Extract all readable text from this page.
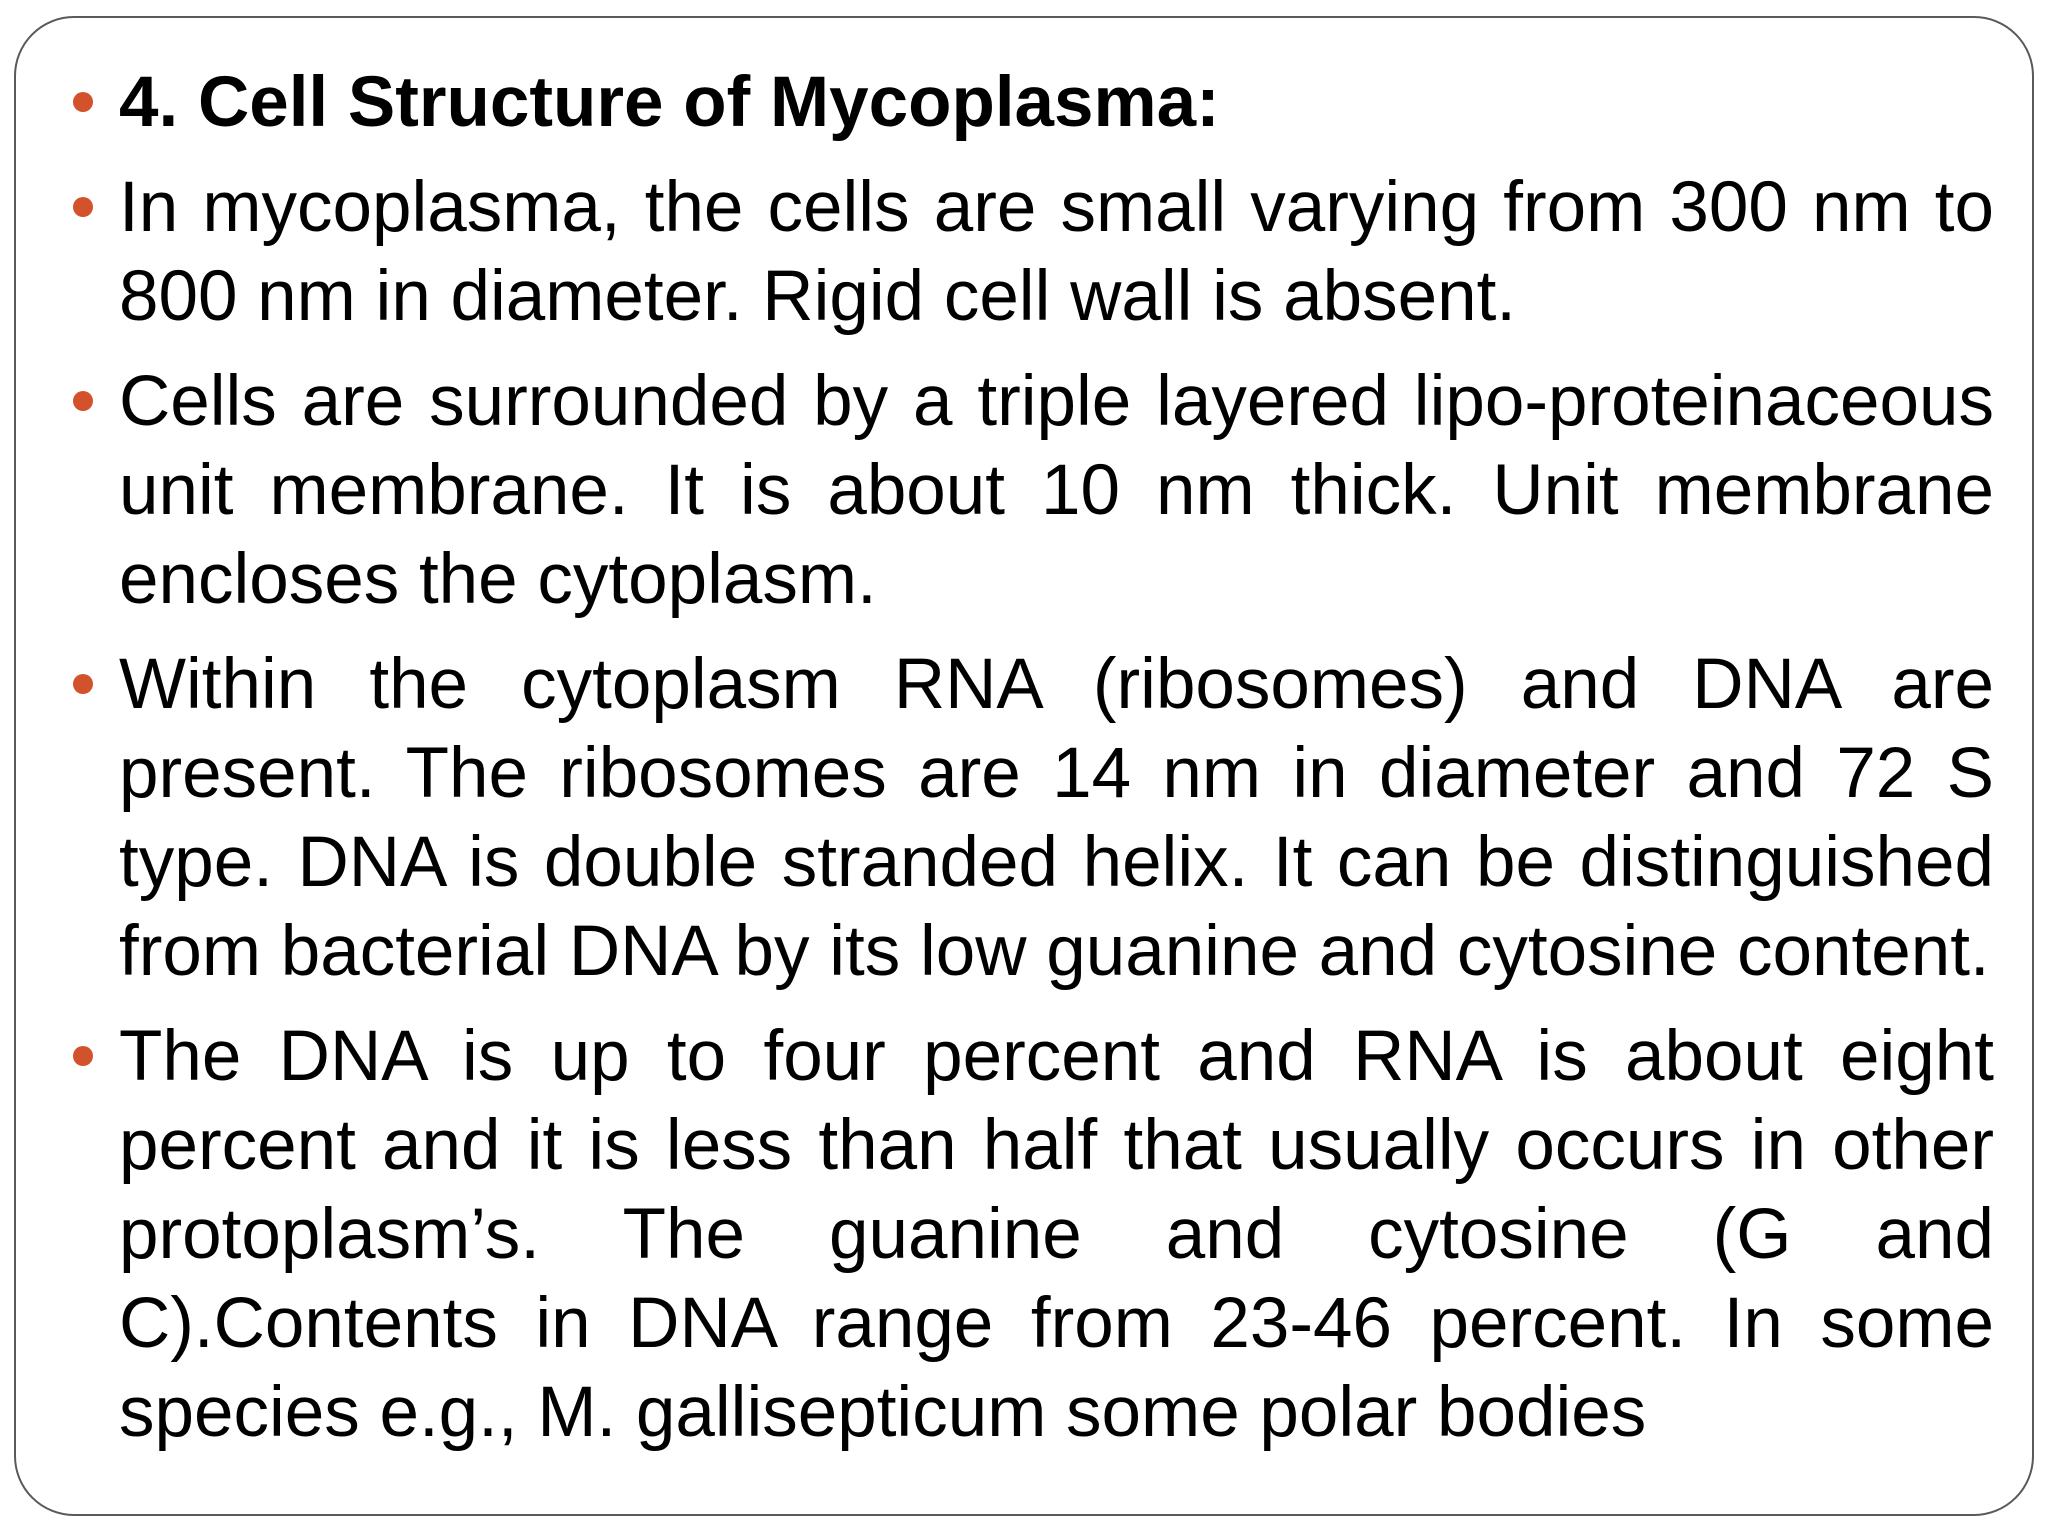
4. Cell Structure of Mycoplasma:
In mycoplasma, the cells are small varying from 300 nm to 800 nm in diameter. Rigid cell wall is absent.
Cells are surrounded by a triple layered lipo-proteinaceous unit membrane. It is about 10 nm thick. Unit membrane encloses the cytoplasm.
Within the cytoplasm RNA (ribosomes) and DNA are present. The ribosomes are 14 nm in diameter and 72 S type. DNA is double stranded helix. It can be distinguished from bacterial DNA by its low guanine and cytosine content.
The DNA is up to four percent and RNA is about eight percent and it is less than half that usually occurs in other protoplasm’s. The guanine and cytosine (G and C).Contents in DNA range from 23-46 percent. In some species e.g., M. gallisepticum some polar bodies
